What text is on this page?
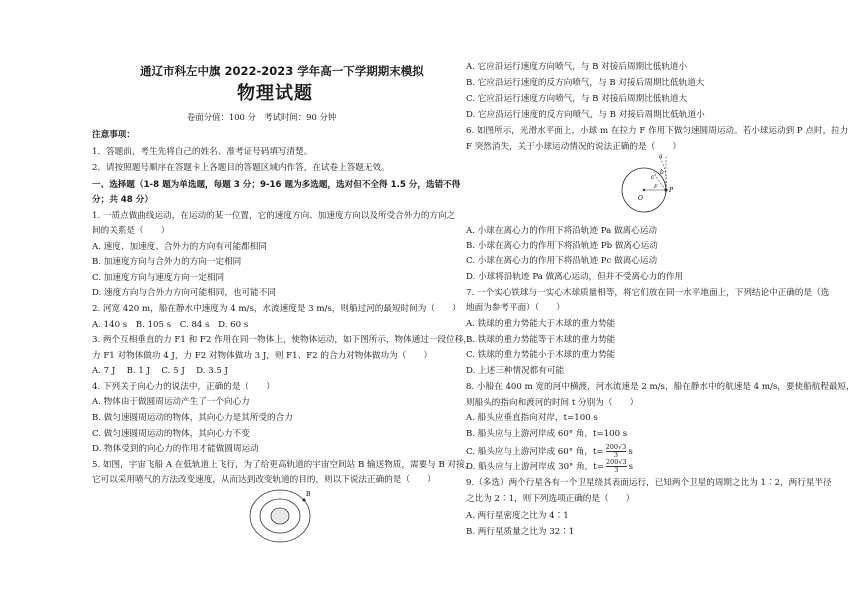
通辽市科左中旗 2022-2023 学年高一下学期期末模拟
物理试题
卷面分值：100 分　考试时间：90 分钟
注意事项：
1．答题前，考生先将自己的姓名、准考证号码填写清楚。
2．请按照题号顺序在答题卡上各题目的答题区域内作答，在试卷上答题无效。
一、选择题（1-8 题为单选题，每题 3 分；9-16 题为多选题，选对但不全得 1.5 分，选错不得
分；共 48 分）
1. 一质点做曲线运动，在运动的某一位置，它的速度方向、加速度方向以及所受合外力的方向之
间的关系是（　　）
A. 速度、加速度、合外力的方向有可能都相同
B. 加速度方向与合外力的方向一定相同
C. 加速度方向与速度方向一定相同
D. 速度方向与合外力方向可能相同，也可能不同
2. 河宽 420 m，船在静水中速度为 4 m/s，水流速度是 3 m/s，则船过河的最短时间为（　　）
A. 140 s　B. 105 s　C. 84 s　D. 60 s
3. 两个互相垂直的力 F1 和 F2 作用在同一物体上，使物体运动，如下图所示，物体通过一段位移，
力 F1 对物体做功 4 J，力 F2 对物体做功 3 J，则 F1、F2 的合力对物体做功为（　　）
A. 7 J　 B. 1 J　 C. 5 J　 D. 3.5 J
4. 下列关于向心力的说法中，正确的是（　　）
A. 物体由于做圆周运动产生了一个向心力
B. 做匀速圆周运动的物体，其向心力是其所受的合力
C. 做匀速圆周运动的物体，其向心力不变
D. 物体受到的向心力的作用才能做圆周运动
5. 如图，宇宙飞船 A 在低轨道上飞行，为了给更高轨道的宇宙空间站 B 输送物质，需要与 B 对接，
它可以采用喷气的方法改变速度，从而达到改变轨道的目的，则以下说法正确的是（　　）
B
A. 它应沿运行速度方向喷气，与 B 对接后周期比低轨道小
B. 它应沿运行速度的反方向喷气，与 B 对接后周期比低轨道大
C. 它应沿运行速度方向喷气，与 B 对接后周期比低轨道大
D. 它应沿运行速度的反方向喷气，与 B 对接后周期比低轨道小
6. 如图所示，光滑水平面上，小球 m 在拉力 F 作用下做匀速圆周运动。若小球运动到 P 点时，拉力
F 突然消失，关于小球运动情况的说法正确的是（　　）
a
b
c
P
O
F
A. 小球在离心力的作用下将沿轨迹 Pa 做离心运动
B. 小球在离心力的作用下将沿轨迹 Pb 做离心运动
C. 小球在离心力的作用下将沿轨迹 Pc 做离心运动
D. 小球将沿轨迹 Pa 做离心运动，但并不受离心力的作用
7. 一个实心铁球与一实心木球质量相等，将它们放在同一水平地面上，下列结论中正确的是（选
地面为参考平面）（　　）
A. 铁球的重力势能大于木球的重力势能
B. 铁球的重力势能等于木球的重力势能
C. 铁球的重力势能小于木球的重力势能
D. 上述三种情况都有可能
8. 小船在 400 m 宽的河中横渡，河水流速是 2 m/s，船在静水中的航速是 4 m/s，要使船航程最短，
则船头的指向和渡河的时间 t 分别为（　　）
A. 船头应垂直指向对岸，t=100 s
B. 船头应与上游河岸成 60° 角，t=100 s
C. 船头应与上游河岸成 60° 角，$t= \frac{200√3}{3}$ s
D. 船头应与上游河岸成 30° 角，$t= \frac{200√3}{3}$ s
9.（多选）两个行星各有一个卫星绕其表面运行，已知两个卫星的周期之比为 1∶2，两行星半径
之比为 2∶1，则下列选项正确的是（　　）
A. 两行星密度之比为 4∶1
B. 两行星质量之比为 32∶1
